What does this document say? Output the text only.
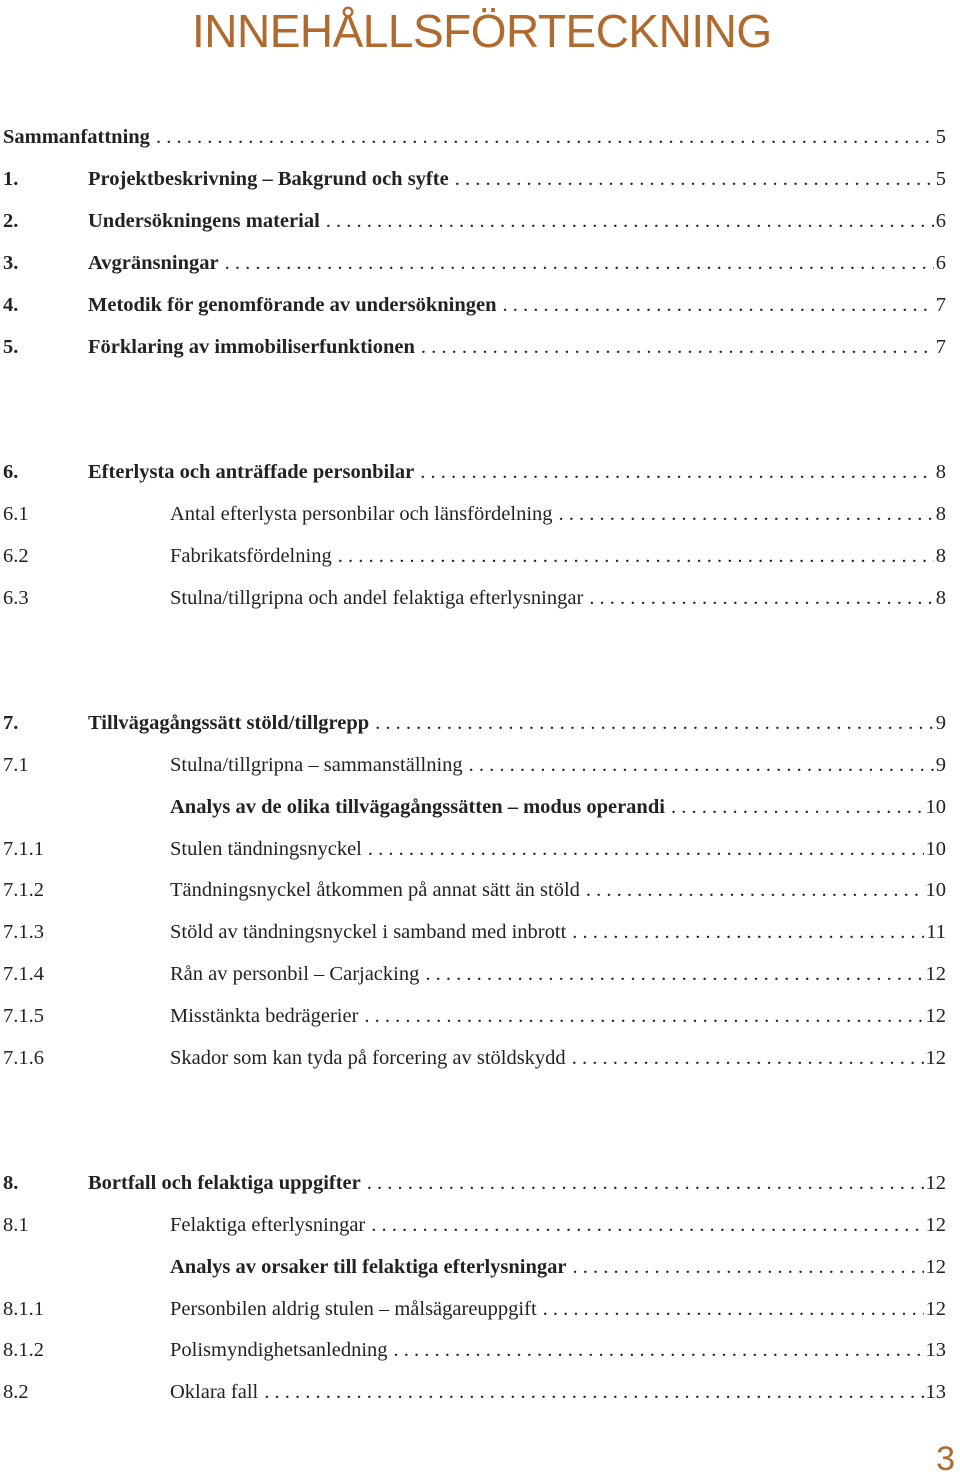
INNEHÅLLSFÖRTECKNING
Sammanfattning . . .	5
1.	Projektbeskrivning – Bakgrund och syfte . . .	5
2.	Undersökningens material . . .	6
3.	Avgränsningar . . .	6
4.	Metodik för genomförande av undersökningen . . .	7
5.	Förklaring av immobiliserfunktionen . . .	7
6.	Efterlysta och anträffade personbilar . . .	8
6.1	Antal efterlysta personbilar och länsfördelning . . .	8
6.2	Fabrikatsfördelning . . .	8
6.3	Stulna/tillgripna och andel felaktiga efterlysningar . . .	8
7.	Tillvägagångssätt stöld/tillgrepp . . .	9
7.1	Stulna/tillgripna – sammanställning . . .	9
Analys av de olika tillvägagångssätten – modus operandi . . .	10
7.1.1	Stulen tändningsnyckel . . .	10
7.1.2	Tändningsnyckel åtkommen på annat sätt än stöld . . .	10
7.1.3	Stöld av tändningsnyckel i samband med inbrott . . .	11
7.1.4	Rån av personbil – Carjacking . . .	12
7.1.5	Misstänkta bedrägerier . . .	12
7.1.6	Skador som kan tyda på forcering av stöldskydd . . .	12
8.	Bortfall och felaktiga uppgifter . . .	12
8.1	Felaktiga efterlysningar . . .	12
Analys av orsaker till felaktiga efterlysningar . . .	12
8.1.1	Personbilen aldrig stulen – målsägareuppgift . . .	12
8.1.2	Polismyndighetsanledning . . .	13
8.2	Oklara fall . . .	13
3
